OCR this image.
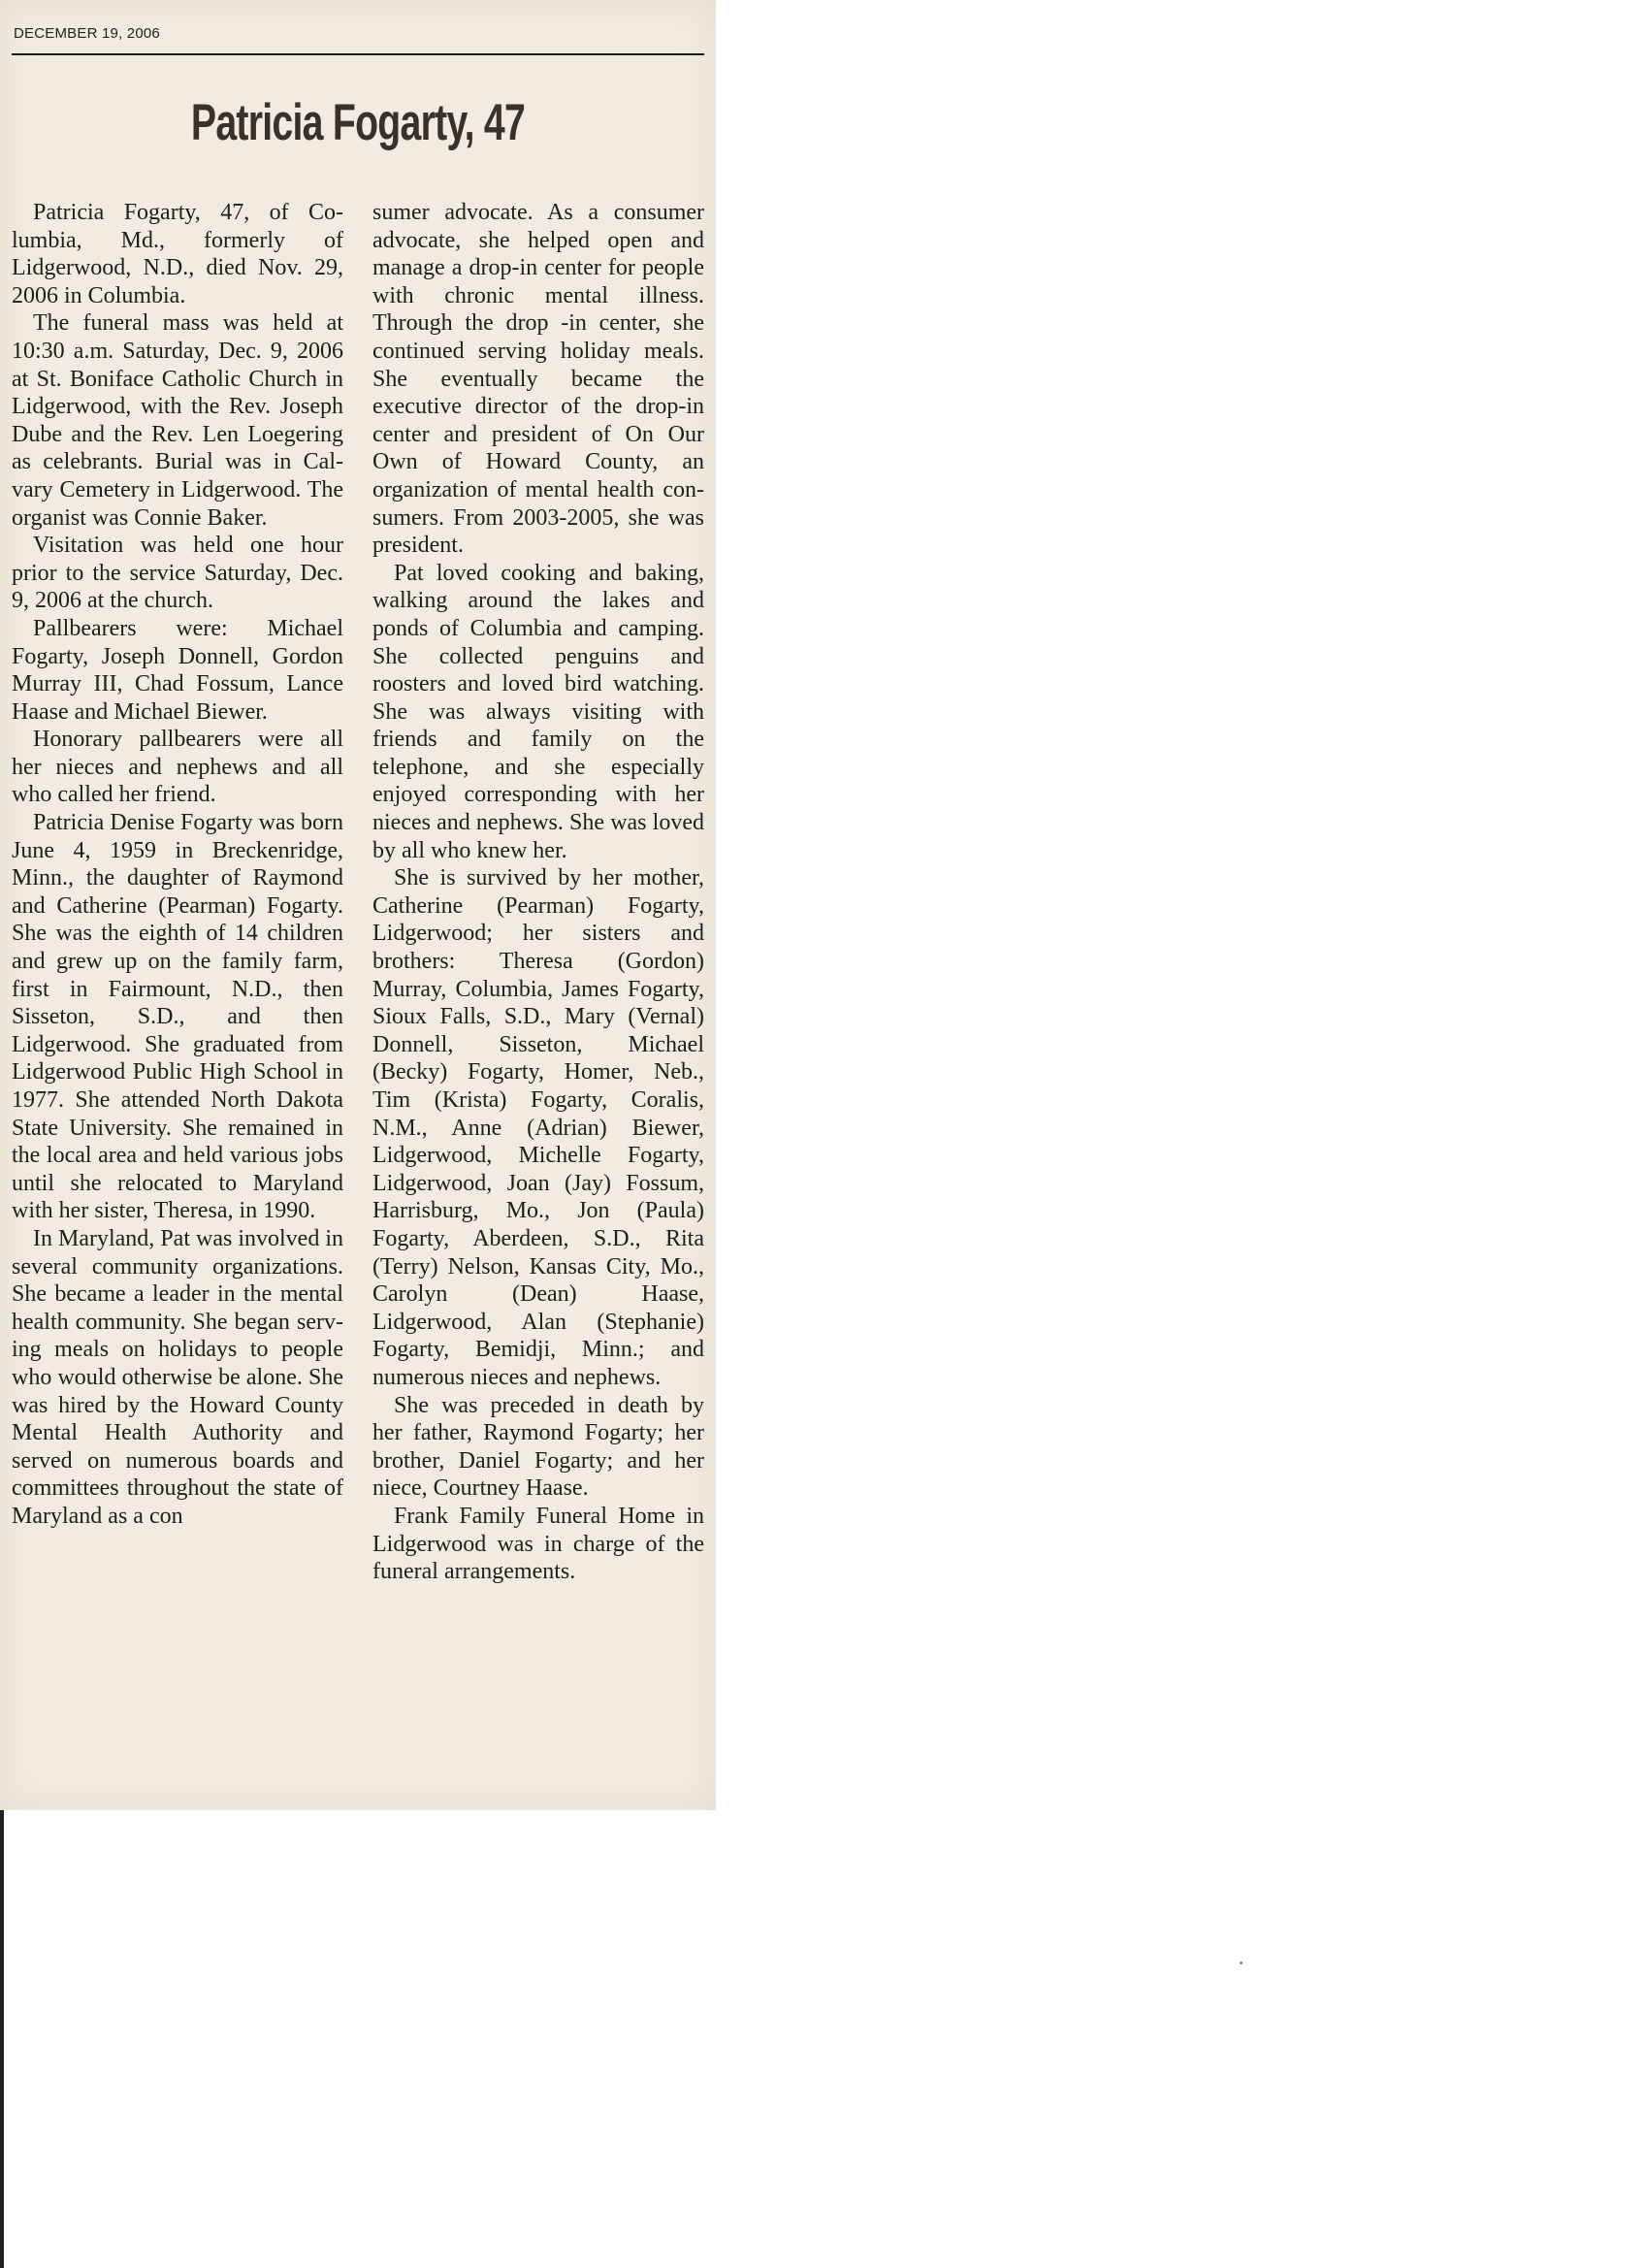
DECEMBER 19, 2006

Patricia Fogarty, 47

Patricia Fogarty, 47, of Columbia, Md., formerly of Lidgerwood, N.D., died Nov. 29, 2006 in Columbia.

The funeral mass was held at 10:30 a.m. Saturday, Dec. 9, 2006 at St. Boniface Catholic Church in Lidgerwood, with the Rev. Joseph Dube and the Rev. Len Loegering as celebrants. Burial was in Calvary Cemetery in Lidgerwood. The organist was Connie Baker.

Visitation was held one hour prior to the service Saturday, Dec. 9, 2006 at the church.

Pallbearers were: Michael Fogarty, Joseph Donnell, Gordon Murray III, Chad Fossum, Lance Haase and Michael Biewer.

Honorary pallbearers were all her nieces and nephews and all who called her friend.

Patricia Denise Fogarty was born June 4, 1959 in Breckenridge, Minn., the daughter of Raymond and Catherine (Pearman) Fogarty. She was the eighth of 14 children and grew up on the family farm, first in Fairmount, N.D., then Sisseton, S.D., and then Lidgerwood. She graduated from Lidgerwood Public High School in 1977. She attended North Dakota State University. She remained in the local area and held various jobs until she relocated to Maryland with her sister, Theresa, in 1990.

In Maryland, Pat was involved in several community organizations. She became a leader in the mental health community. She began serving meals on holidays to people who would otherwise be alone. She was hired by the Howard County Mental Health Authority and served on numerous boards and committees throughout the state of Maryland as a con

sumer advocate. As a consumer advocate, she helped open and manage a drop-in center for people with chronic mental illness. Through the drop -in center, she continued serving holiday meals. She eventually became the executive director of the drop-in center and president of On Our Own of Howard County, an organization of mental health consumers. From 2003-2005, she was president.

Pat loved cooking and baking, walking around the lakes and ponds of Columbia and camping. She collected penguins and roosters and loved bird watching. She was always visiting with friends and family on the telephone, and she especially enjoyed corresponding with her nieces and nephews. She was loved by all who knew her.

She is survived by her mother, Catherine (Pearman) Fogarty, Lidgerwood; her sisters and brothers: Theresa (Gordon) Murray, Columbia, James Fogarty, Sioux Falls, S.D., Mary (Vernal) Donnell, Sisseton, Michael (Becky) Fogarty, Homer, Neb., Tim (Krista) Fogarty, Coralis, N.M., Anne (Adrian) Biewer, Lidgerwood, Michelle Fogarty, Lidgerwood, Joan (Jay) Fossum, Harrisburg, Mo., Jon (Paula) Fogarty, Aberdeen, S.D., Rita (Terry) Nelson, Kansas City, Mo., Carolyn (Dean) Haase, Lidgerwood, Alan (Stephanie) Fogarty, Bemidji, Minn.; and numerous nieces and nephews.

She was preceded in death by her father, Raymond Fogarty; her brother, Daniel Fogarty; and her niece, Courtney Haase.

Frank Family Funeral Home in Lidgerwood was in charge of the funeral arrangements.
